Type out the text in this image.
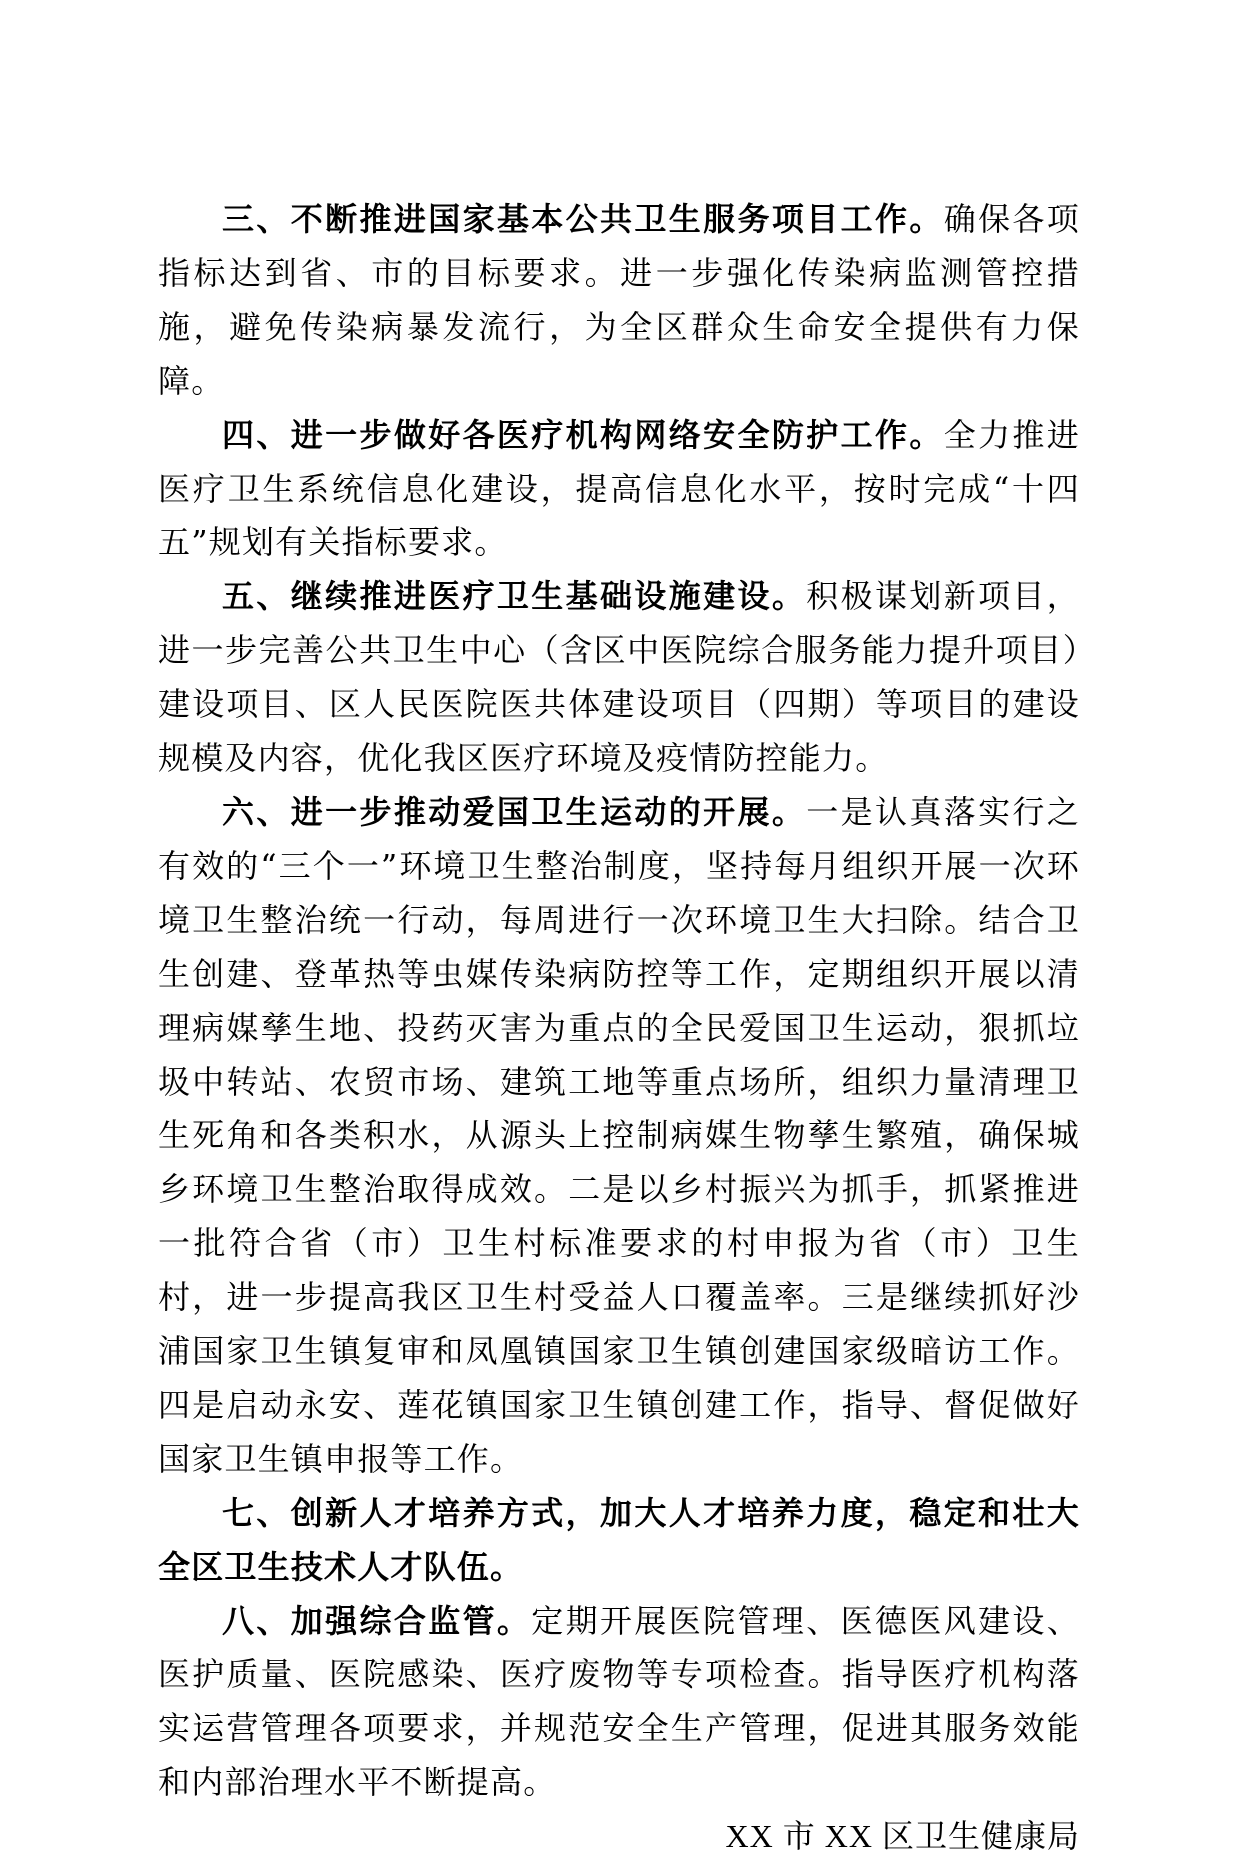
三、不断推进国家基本公共卫生服务项目工作。确保各项指标达到省、市的目标要求。进一步强化传染病监测管控措施，避免传染病暴发流行，为全区群众生命安全提供有力保障。

四、进一步做好各医疗机构网络安全防护工作。全力推进医疗卫生系统信息化建设，提高信息化水平，按时完成“十四五”规划有关指标要求。

五、继续推进医疗卫生基础设施建设。积极谋划新项目，进一步完善公共卫生中心（含区中医院综合服务能力提升项目）建设项目、区人民医院医共体建设项目（四期）等项目的建设规模及内容，优化我区医疗环境及疫情防控能力。

六、进一步推动爱国卫生运动的开展。一是认真落实行之有效的“三个一”环境卫生整治制度，坚持每月组织开展一次环境卫生整治统一行动，每周进行一次环境卫生大扫除。结合卫生创建、登革热等虫媒传染病防控等工作，定期组织开展以清理病媒孳生地、投药灭害为重点的全民爱国卫生运动，狠抓垃圾中转站、农贸市场、建筑工地等重点场所，组织力量清理卫生死角和各类积水，从源头上控制病媒生物孳生繁殖，确保城乡环境卫生整治取得成效。二是以乡村振兴为抓手，抓紧推进一批符合省（市）卫生村标准要求的村申报为省（市）卫生村，进一步提高我区卫生村受益人口覆盖率。三是继续抓好沙浦国家卫生镇复审和凤凰镇国家卫生镇创建国家级暗访工作。四是启动永安、莲花镇国家卫生镇创建工作，指导、督促做好国家卫生镇申报等工作。

七、创新人才培养方式，加大人才培养力度，稳定和壮大全区卫生技术人才队伍。

八、加强综合监管。定期开展医院管理、医德医风建设、医护质量、医院感染、医疗废物等专项检查。指导医疗机构落实运营管理各项要求，并规范安全生产管理，促进其服务效能和内部治理水平不断提高。

XX 市 XX 区卫生健康局
